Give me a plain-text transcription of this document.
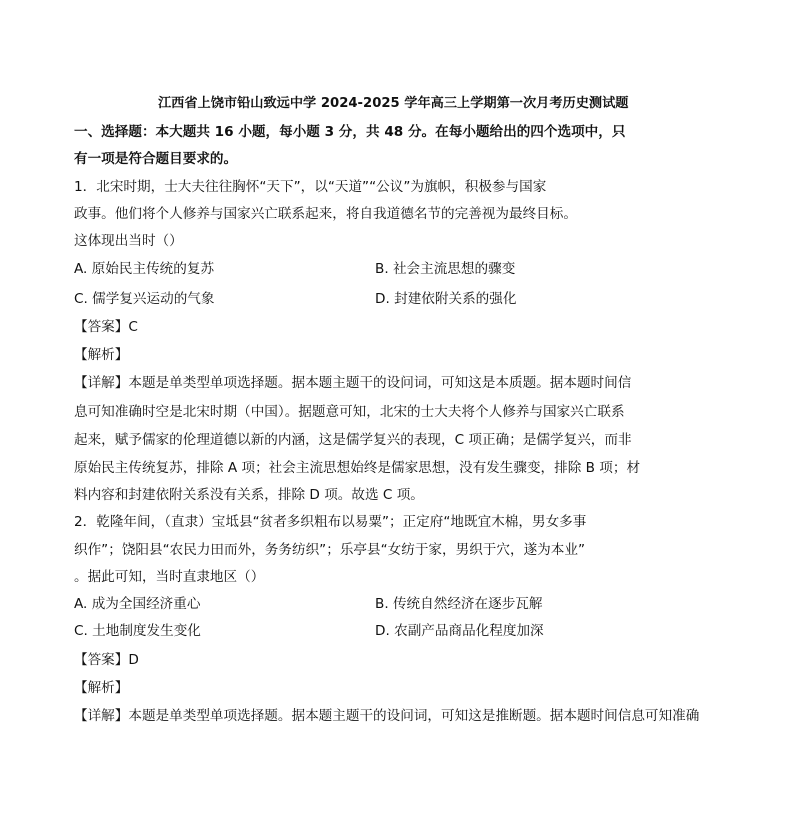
江西省上饶市铅山致远中学 2024-2025 学年高三上学期第一次月考历史测试题
一、选择题：本大题共 16 小题，每小题 3 分，共 48 分。在每小题给出的四个选项中，只
有一项是符合题目要求的。
1．北宋时期，士大夫往往胸怀“天下”，以“天道”“公议”为旗帜，积极参与国家
政事。他们将个人修养与国家兴亡联系起来，将自我道德名节的完善视为最终目标。
这体现出当时（）
A. 原始民主传统的复苏	B. 社会主流思想的骤变
C. 儒学复兴运动的气象	D. 封建依附关系的强化
【答案】C
【解析】
【详解】本题是单类型单项选择题。据本题主题干的设问词，可知这是本质题。据本题时间信
息可知准确时空是北宋时期（中国）。据题意可知，北宋的士大夫将个人修养与国家兴亡联系
起来，赋予儒家的伦理道德以新的内涵，这是儒学复兴的表现，C 项正确；是儒学复兴，而非
原始民主传统复苏，排除 A 项；社会主流思想始终是儒家思想，没有发生骤变，排除 B 项；材
料内容和封建依附关系没有关系，排除 D 项。故选 C 项。
2．乾隆年间，（直隶）宝坻县“贫者多织粗布以易粟”；正定府“地既宜木棉，男女多事
织作”；饶阳县“农民力田而外，务务纺织”；乐亭县“女纺于家，男织于穴，遂为本业”
。据此可知，当时直隶地区（）
A. 成为全国经济重心	B. 传统自然经济在逐步瓦解
C. 土地制度发生变化	D. 农副产品商品化程度加深
【答案】D
【解析】
【详解】本题是单类型单项选择题。据本题主题干的设问词，可知这是推断题。据本题时间信息可知准确
